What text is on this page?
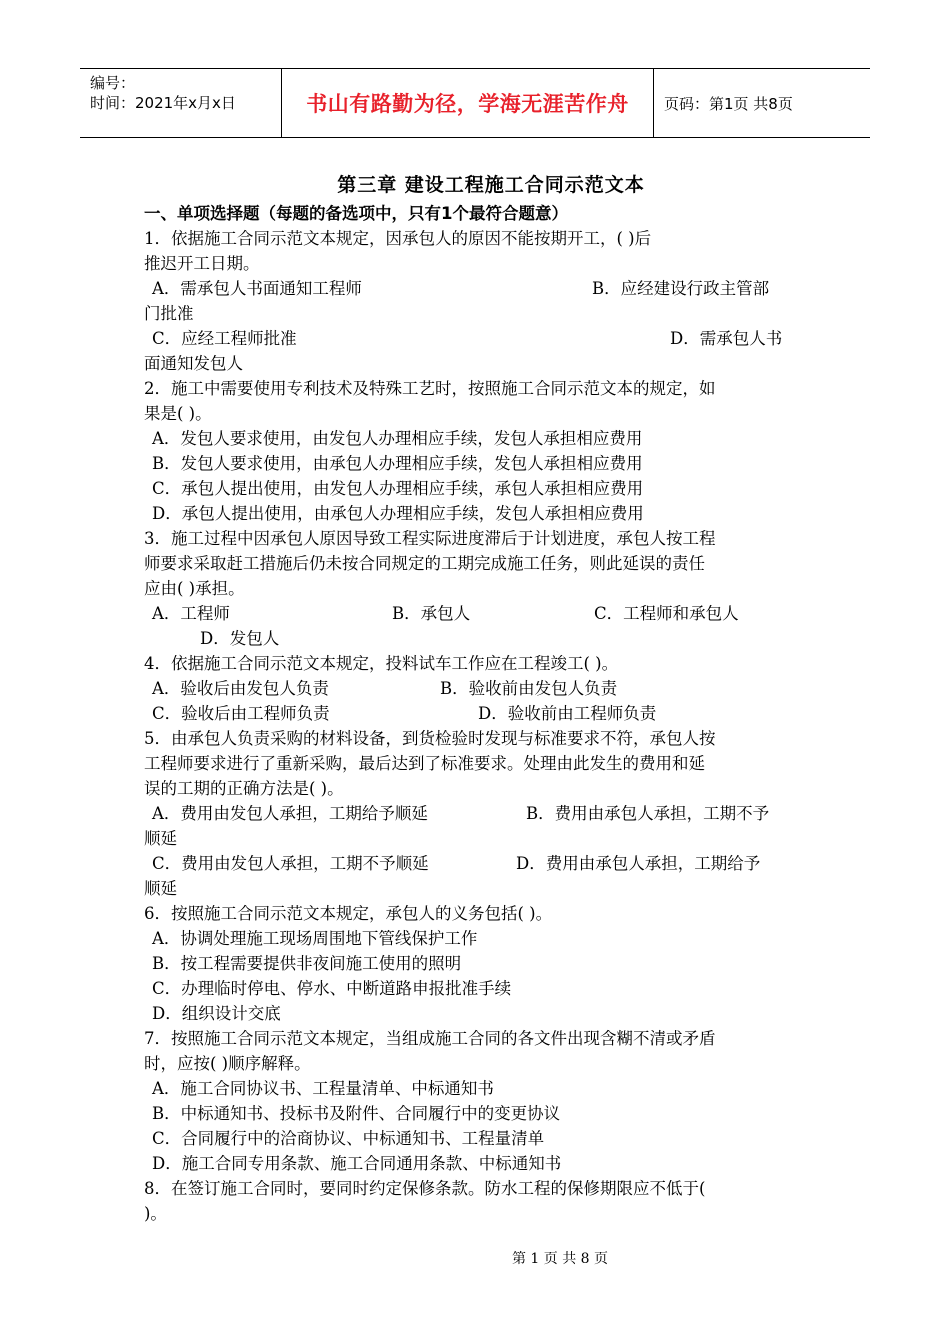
编号：
时间：2021年x月x日	书山有路勤为径，学海无涯苦作舟	页码：第1页 共8页
第三章 建设工程施工合同示范文本
一、单项选择题（每题的备选项中，只有1个最符合题意）
1．依据施工合同示范文本规定，因承包人的原因不能按期开工，( )后
推迟开工日期。
A．需承包人书面通知工程师	B．应经建设行政主管部
门批准
C．应经工程师批准	D．需承包人书
面通知发包人
2．施工中需要使用专利技术及特殊工艺时，按照施工合同示范文本的规定，如
果是( )。
A．发包人要求使用，由发包人办理相应手续，发包人承担相应费用
B．发包人要求使用，由承包人办理相应手续，发包人承担相应费用
C．承包人提出使用，由发包人办理相应手续，承包人承担相应费用
D．承包人提出使用，由承包人办理相应手续，发包人承担相应费用
3．施工过程中因承包人原因导致工程实际进度滞后于计划进度，承包人按工程
师要求采取赶工措施后仍未按合同规定的工期完成施工任务，则此延误的责任
应由( )承担。
A．工程师	B．承包人	C．工程师和承包人
D．发包人
4．依据施工合同示范文本规定，投料试车工作应在工程竣工( )。
A．验收后由发包人负责	B．验收前由发包人负责
C．验收后由工程师负责	D．验收前由工程师负责
5．由承包人负责采购的材料设备，到货检验时发现与标准要求不符，承包人按
工程师要求进行了重新采购，最后达到了标准要求。处理由此发生的费用和延
误的工期的正确方法是( )。
A．费用由发包人承担，工期给予顺延	B．费用由承包人承担，工期不予
顺延
C．费用由发包人承担，工期不予顺延	D．费用由承包人承担，工期给予
顺延
6．按照施工合同示范文本规定，承包人的义务包括( )。
A．协调处理施工现场周围地下管线保护工作
B．按工程需要提供非夜间施工使用的照明
C．办理临时停电、停水、中断道路申报批准手续
D．组织设计交底
7．按照施工合同示范文本规定，当组成施工合同的各文件出现含糊不清或矛盾
时，应按( )顺序解释。
A．施工合同协议书、工程量清单、中标通知书
B．中标通知书、投标书及附件、合同履行中的变更协议
C．合同履行中的洽商协议、中标通知书、工程量清单
D．施工合同专用条款、施工合同通用条款、中标通知书
8．在签订施工合同时，要同时约定保修条款。防水工程的保修期限应不低于(
)。
第 1 页 共 8 页
